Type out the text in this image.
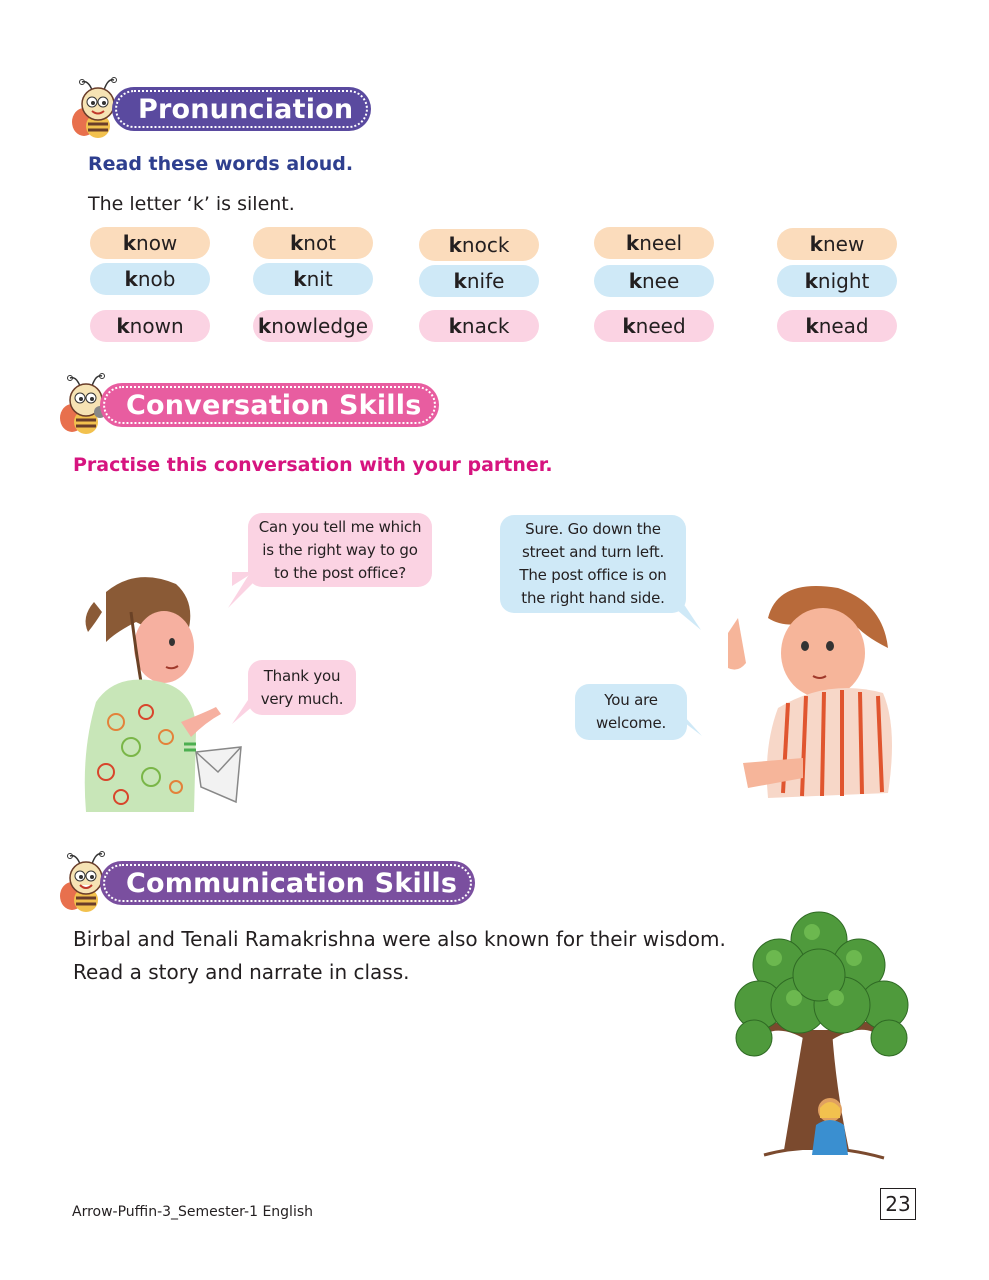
Pronunciation
Read these words aloud.
The letter ‘k’ is silent.
k now	k not	k nock	k neel	k new
k nob	k nit	k nife	k nee	k night
k nown	k nowledge	k nack	k need	k nead
Conversation Skills
Practise this conversation with your partner.
Can you tell me which
is the right way to go
to the post office?
Sure. Go down the
street and turn left.
The post office is on
the right hand side.
Thank you
very much.	You are
welcome.
Communication Skills
Birbal and Tenali Ramakrishna were also known for their wisdom.
Read a story and narrate in class.
Arrow-Puffin-3_Semester-1 English	23
